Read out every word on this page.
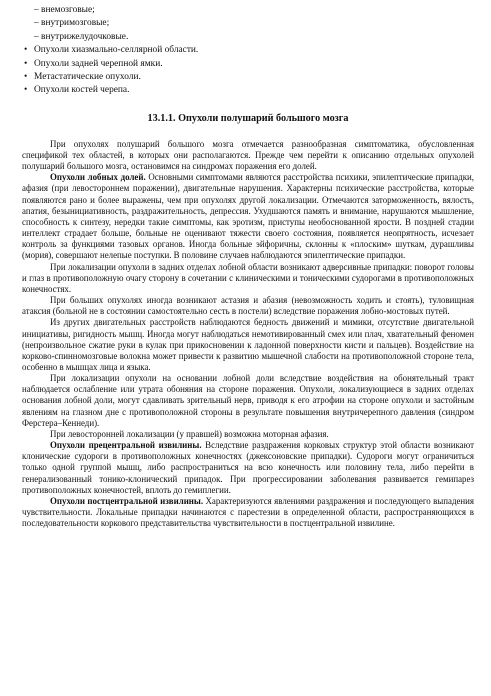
– внемозговые;
– внутримозговые;
– внутрижелудочковые.
• Опухоли хиазмально-селлярной области.
• Опухоли задней черепной ямки.
• Метастатические опухоли.
• Опухоли костей черепа.
13.1.1. Опухоли полушарий большого мозга

При опухолях полушарий большого мозга отмечается разнообразная симптоматика, обусловленная спецификой тех областей, в которых они располагаются. Прежде чем перейти к описанию отдельных опухолей полушарий большого мозга, остановимся на синдромах поражения его долей.

Опухоли лобных долей. Основными симптомами являются расстройства психики, эпилептические припадки, афазия (при левостороннем поражении), двигательные нарушения. Характерны психические расстройства, которые появляются рано и более выражены, чем при опухолях другой локализации. Отмечаются заторможенность, вялость, апатия, безынициативность, раздражительность, депрессия. Ухудшаются память и внимание, нарушаются мышление, способность к синтезу, нередки такие симптомы, как эротизм, приступы необоснованной ярости. В поздней стадии интеллект страдает больше, больные не оценивают тяжести своего состояния, появляется неопрятность, исчезает контроль за функциями тазовых органов. Иногда больные эйфоричны, склонны к «плоским» шуткам, дурашливы (мория), совершают нелепые поступки. В половине случаев наблюдаются эпилептические припадки.

При локализации опухоли в задних отделах лобной области возникают адверсивные припадки: поворот головы и глаз в противоположную очагу сторону в сочетании с клиническими и тоническими судорогами в противоположных конечностях.

При больших опухолях иногда возникают астазия и абазия (невозможность ходить и стоять), туловищная атаксия (больной не в состоянии самостоятельно сесть в постели) вследствие поражения лобно-мостовых путей.

Из других двигательных расстройств наблюдаются бедность движений и мимики, отсутствие двигательной инициативы, ригидность мышц. Иногда могут наблюдаться немотивированный смех или плач, хватательный феномен (непроизвольное сжатие руки в кулак при прикосновении к ладонной поверхности кисти и пальцев). Воздействие на корково-спинномозговые волокна может привести к развитию мышечной слабости на противоположной стороне тела, особенно в мышцах лица и языка.

При локализации опухоли на основании лобной доли вследствие воздействия на обонятельный тракт наблюдается ослабление или утрата обоняния на стороне поражения. Опухоли, локализующиеся в задних отделах основания лобной доли, могут сдавливать зрительный нерв, приводя к его атрофии на стороне опухоли и застойным явлениям на глазном дне с противоположной стороны в результате повышения внутричерепного давления (синдром Ферстера–Кеннеди).

При левосторонней локализации (у правшей) возможна моторная афазия.

Опухоли прецентральной извилины. Вследствие раздражения корковых структур этой области возникают клонические судороги в противоположных конечностях (джексоновские припадки). Судороги могут ограничиться только одной группой мышц, либо распространиться на всю конечность или половину тела, либо перейти в генерализованный тонико-клонический припадок. При прогрессировании заболевания развивается гемипарез противоположных конечностей, вплоть до гемиплегии.

Опухоли постцентральной извилины. Характеризуются явлениями раздражения и последующего выпадения чувствительности. Локальные припадки начинаются с парестезии в определенной области, распространяющихся в последовательности коркового представительства чувствительности в постцентральной извилине.
